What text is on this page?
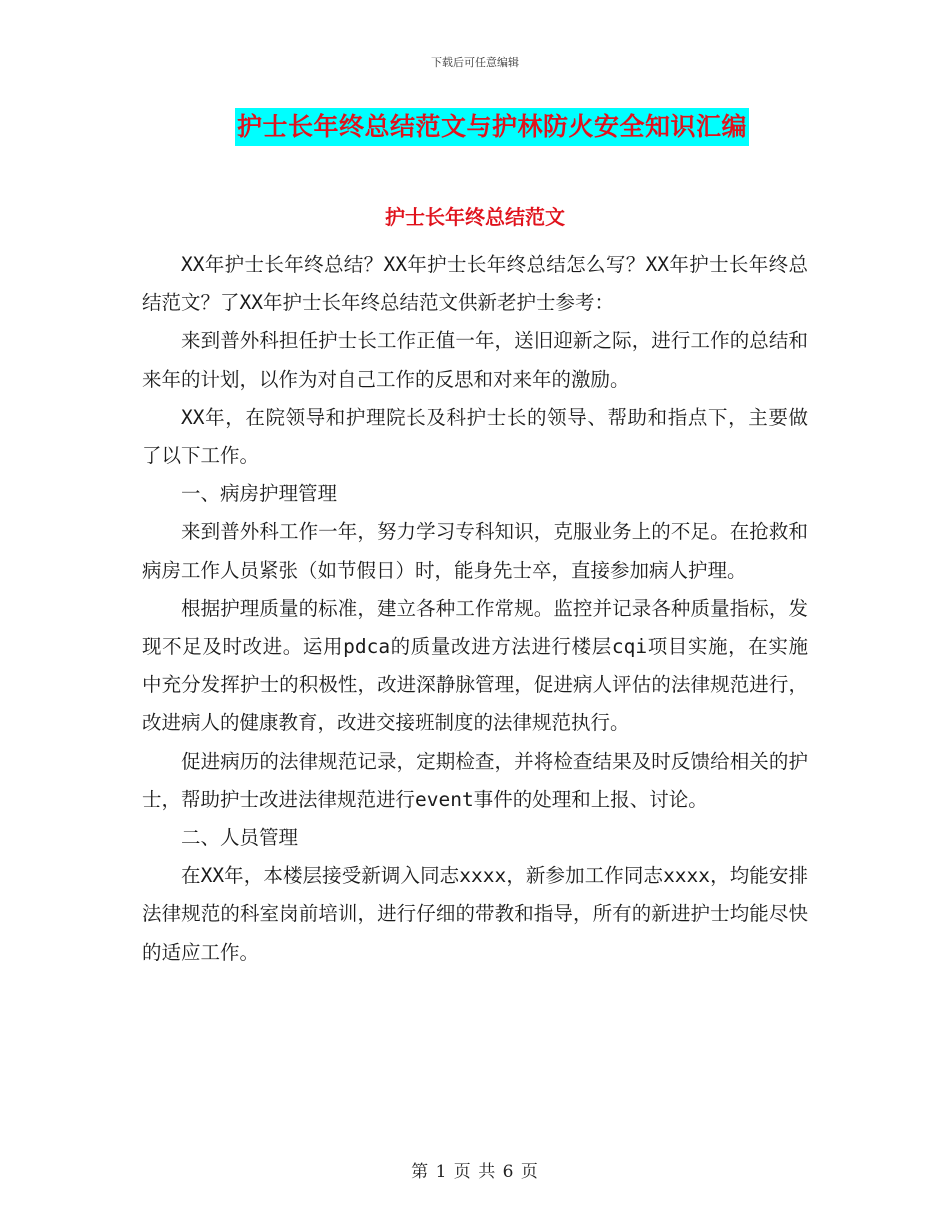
下载后可任意编辑
护士长年终总结范文与护林防火安全知识汇编
护士长年终总结范文

XX年护士长年终总结？XX年护士长年终总结怎么写？XX年护士长年终总结范文？了XX年护士长年终总结范文供新老护士参考：

来到普外科担任护士长工作正值一年，送旧迎新之际，进行工作的总结和来年的计划，以作为对自己工作的反思和对来年的激励。

XX年，在院领导和护理院长及科护士长的领导、帮助和指点下，主要做了以下工作。

一、病房护理管理

来到普外科工作一年，努力学习专科知识，克服业务上的不足。在抢救和病房工作人员紧张（如节假日）时，能身先士卒，直接参加病人护理。

根据护理质量的标准，建立各种工作常规。监控并记录各种质量指标，发现不足及时改进。运用pdca的质量改进方法进行楼层cqi项目实施，在实施中充分发挥护士的积极性，改进深静脉管理，促进病人评估的法律规范进行，改进病人的健康教育，改进交接班制度的法律规范执行。

促进病历的法律规范记录，定期检查，并将检查结果及时反馈给相关的护士，帮助护士改进法律规范进行event事件的处理和上报、讨论。

二、人员管理

在XX年，本楼层接受新调入同志xxxx，新参加工作同志xxxx，均能安排法律规范的科室岗前培训，进行仔细的带教和指导，所有的新进护士均能尽快的适应工作。

第 1 页 共 6 页
